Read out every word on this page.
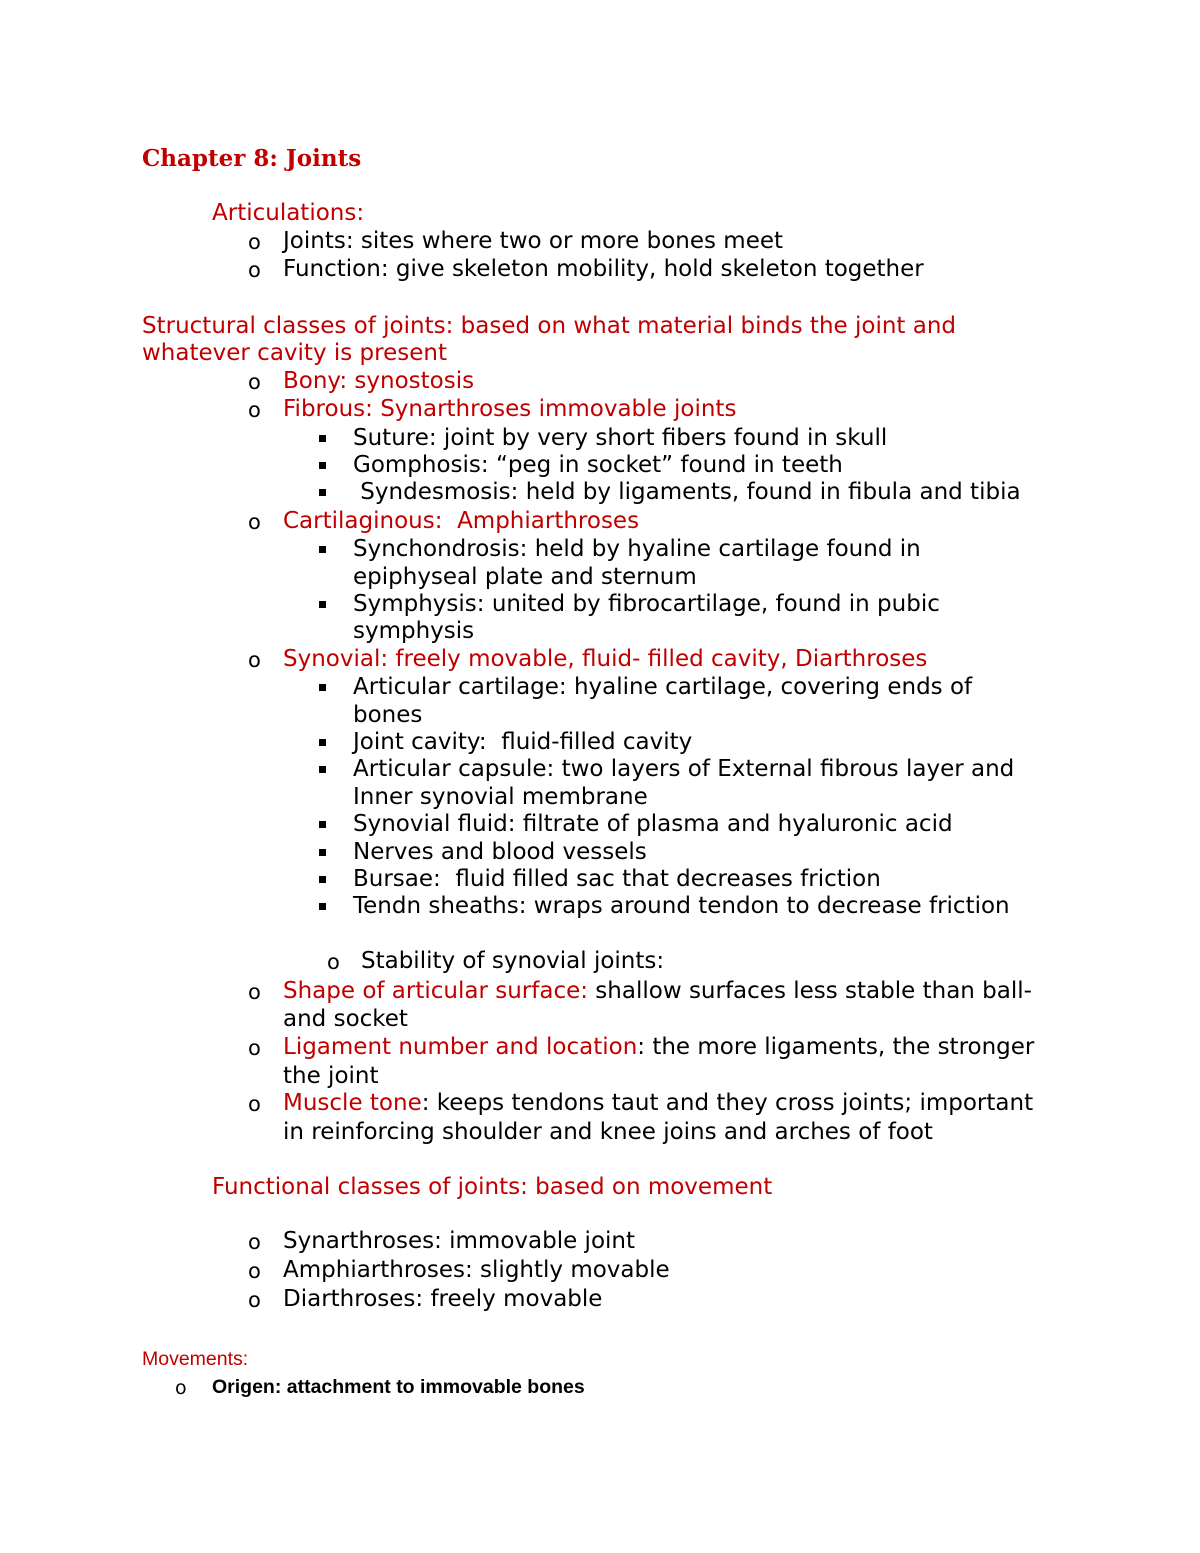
Chapter 8: Joints
Articulations:
o Joints: sites where two or more bones meet
o Function: give skeleton mobility, hold skeleton together
Structural classes of joints: based on what material binds the joint and
whatever cavity is present
o Bony: synostosis
o Fibrous: Synarthroses immovable joints
Suture: joint by very short fibers found in skull
Gomphosis: “peg in socket” found in teeth
Syndesmosis: held by ligaments, found in fibula and tibia
o Cartilaginous:  Amphiarthroses
Synchondrosis: held by hyaline cartilage found in
epiphyseal plate and sternum
Symphysis: united by fibrocartilage, found in pubic
symphysis
o Synovial: freely movable, fluid- filled cavity, Diarthroses
Articular cartilage: hyaline cartilage, covering ends of
bones
Joint cavity:  fluid-filled cavity
Articular capsule: two layers of External fibrous layer and
Inner synovial membrane
Synovial fluid: filtrate of plasma and hyaluronic acid
Nerves and blood vessels
Bursae:  fluid filled sac that decreases friction
Tendn sheaths: wraps around tendon to decrease friction
o Stability of synovial joints:
o Shape of articular surface: shallow surfaces less stable than ball-
and socket
o Ligament number and location: the more ligaments, the stronger
the joint
o Muscle tone: keeps tendons taut and they cross joints; important
in reinforcing shoulder and knee joins and arches of foot
Functional classes of joints: based on movement
o Synarthroses: immovable joint
o Amphiarthroses: slightly movable
o Diarthroses: freely movable
Movements:
o Origen: attachment to immovable bones
